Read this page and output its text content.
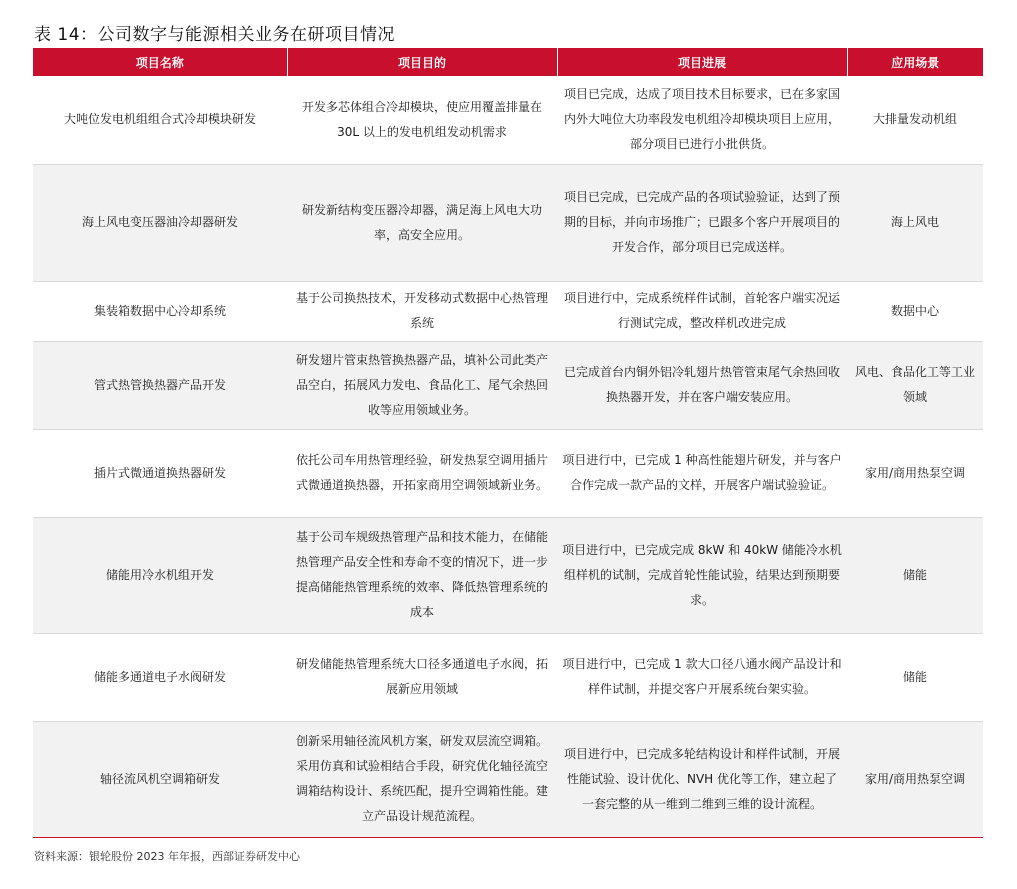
表 14：公司数字与能源相关业务在研项目情况
项目名称	项目目的	项目进展	应用场景
大吨位发电机组组合式冷却模块研发	开发多芯体组合冷却模块，使应用覆盖排量在 30L 以上的发电机组发动机需求	项目已完成，达成了项目技术目标要求，已在多家国内外大吨位大功率段发电机组冷却模块项目上应用，部分项目已进行小批供货。	大排量发动机组
海上风电变压器油冷却器研发	研发新结构变压器冷却器，满足海上风电大功率，高安全应用。	项目已完成，已完成产品的各项试验验证，达到了预期的目标，并向市场推广；已跟多个客户开展项目的开发合作，部分项目已完成送样。	海上风电
集装箱数据中心冷却系统	基于公司换热技术，开发移动式数据中心热管理系统	项目进行中，完成系统样件试制，首轮客户端实况运行测试完成，整改样机改进完成	数据中心
管式热管换热器产品开发	研发翅片管束热管换热器产品，填补公司此类产品空白，拓展风力发电、食品化工、尾气余热回收等应用领域业务。	已完成首台内铜外铝冷轧翅片热管管束尾气余热回收换热器开发，并在客户端安装应用。	风电、食品化工等工业领域
插片式微通道换热器研发	依托公司车用热管理经验，研发热泵空调用插片式微通道换热器，开拓家商用空调领域新业务。	项目进行中，已完成 1 种高性能翅片研发，并与客户合作完成一款产品的文样，开展客户端试验验证。	家用/商用热泵空调
储能用冷水机组开发	基于公司车规级热管理产品和技术能力，在储能热管理产品安全性和寿命不变的情况下，进一步提高储能热管理系统的效率、降低热管理系统的成本	项目进行中，已完成完成 8kW 和 40kW 储能冷水机组样机的试制，完成首轮性能试验，结果达到预期要求。	储能
储能多通道电子水阀研发	研发储能热管理系统大口径多通道电子水阀，拓展新应用领域	项目进行中，已完成 1 款大口径八通水阀产品设计和样件试制，并提交客户开展系统台架实验。	储能
轴径流风机空调箱研发	创新采用轴径流风机方案，研发双层流空调箱。采用仿真和试验相结合手段，研究优化轴径流空调箱结构设计、系统匹配，提升空调箱性能。建立产品设计规范流程。	项目进行中，已完成多轮结构设计和样件试制，开展性能试验、设计优化、NVH 优化等工作，建立起了一套完整的从一维到二维到三维的设计流程。	家用/商用热泵空调
资料来源：银轮股份 2023 年年报，西部证券研发中心
